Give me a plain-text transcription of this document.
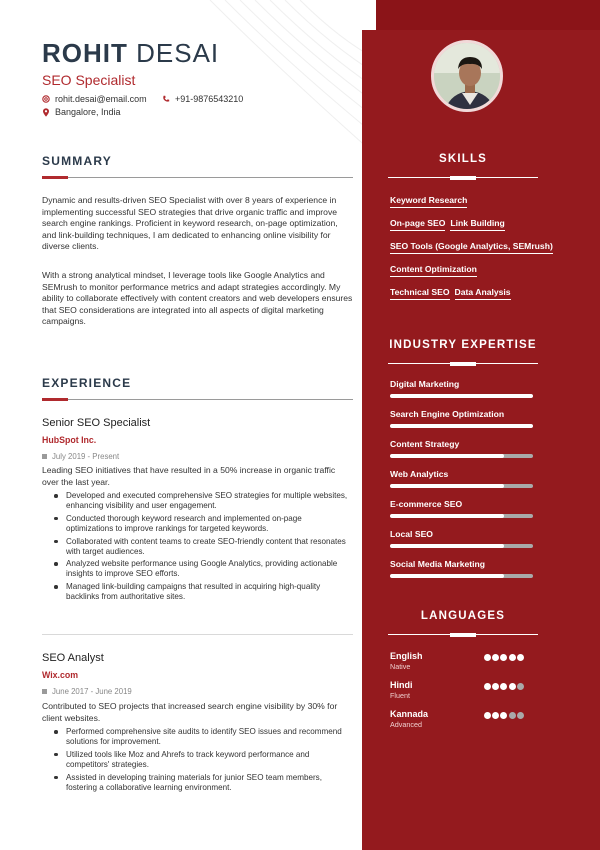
ROHIT DESAI
SEO Specialist
rohit.desai@email.com	+91-9876543210
Bangalore, India
SUMMARY
Dynamic and results-driven SEO Specialist with over 8 years of experience in implementing successful SEO strategies that drive organic traffic and improve search engine rankings. Proficient in keyword research, on-page optimization, and link-building techniques, I am dedicated to enhancing online visibility for diverse clients.
With a strong analytical mindset, I leverage tools like Google Analytics and SEMrush to monitor performance metrics and adapt strategies accordingly. My ability to collaborate effectively with content creators and web developers ensures that SEO considerations are integrated into all aspects of digital marketing campaigns.
EXPERIENCE
Senior SEO Specialist
HubSpot Inc.
July 2019 - Present
Leading SEO initiatives that have resulted in a 50% increase in organic traffic over the last year.
Developed and executed comprehensive SEO strategies for multiple websites, enhancing visibility and user engagement.
Conducted thorough keyword research and implemented on-page optimizations to improve rankings for targeted keywords.
Collaborated with content teams to create SEO-friendly content that resonates with target audiences.
Analyzed website performance using Google Analytics, providing actionable insights to improve SEO efforts.
Managed link-building campaigns that resulted in acquiring high-quality backlinks from authoritative sites.
SEO Analyst
Wix.com
June 2017 - June 2019
Contributed to SEO projects that increased search engine visibility by 30% for client websites.
Performed comprehensive site audits to identify SEO issues and recommend solutions for improvement.
Utilized tools like Moz and Ahrefs to track keyword performance and competitors' strategies.
Assisted in developing training materials for junior SEO team members, fostering a collaborative learning environment.
SKILLS
Keyword Research
On-page SEO Link Building
SEO Tools (Google Analytics, SEMrush)
Content Optimization
Technical SEO Data Analysis
INDUSTRY EXPERTISE
Digital Marketing
Search Engine Optimization
Content Strategy
Web Analytics
E-commerce SEO
Local SEO
Social Media Marketing
LANGUAGES
English
Native
Hindi
Fluent
Kannada
Advanced
